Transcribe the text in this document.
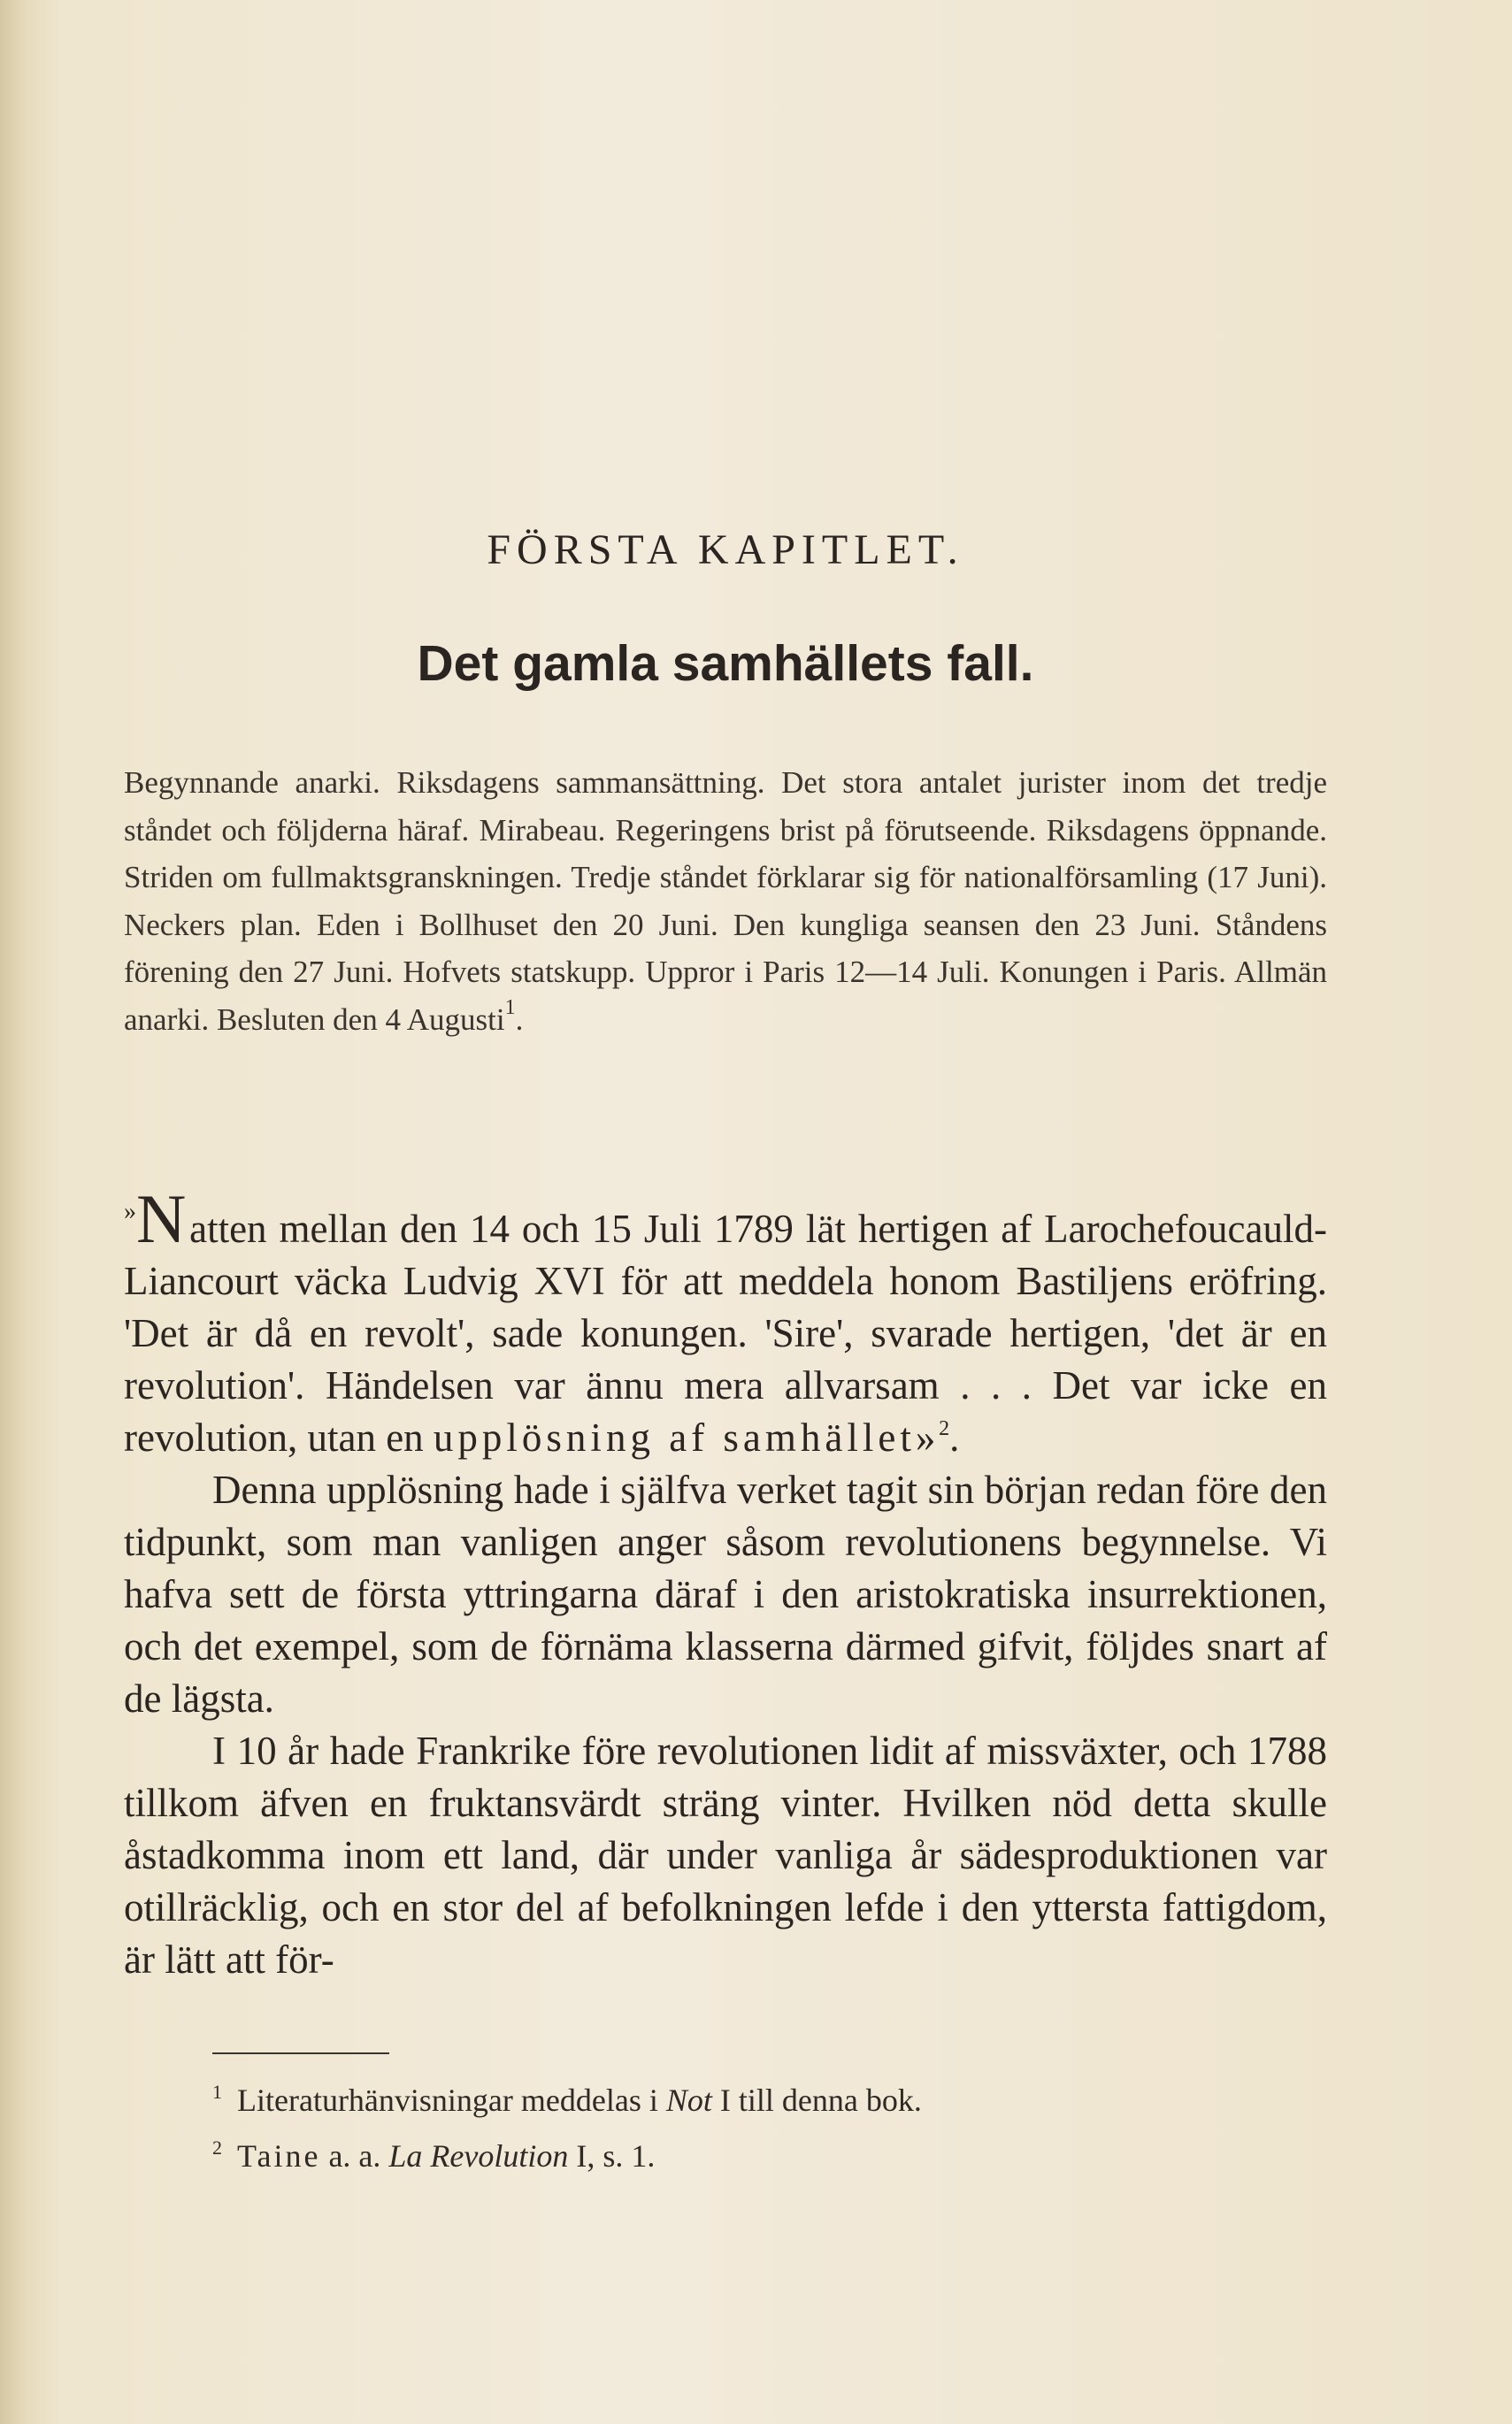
FÖRSTA KAPITLET.
Det gamla samhällets fall.
Begynnande anarki. Riksdagens sammansättning. Det stora antalet jurister inom det tredje ståndet och följderna häraf. Mirabeau. Regeringens brist på förutseende. Riksdagens öppnande. Striden om fullmaktsgranskningen. Tredje ståndet förklarar sig för nationalförsamling (17 Juni). Neckers plan. Eden i Bollhuset den 20 Juni. Den kungliga seansen den 23 Juni. Ståndens förening den 27 Juni. Hofvets statskupp. Uppror i Paris 12—14 Juli. Konungen i Paris. Allmän anarki. Besluten den 4 Augusti$^1$.

»N atten mellan den 14 och 15 Juli 1789 lät hertigen af Larochefoucauld-Liancourt väcka Ludvig XVI för att meddela honom Bastiljens eröfring. 'Det är då en revolt', sade konungen. 'Sire', svarade hertigen, 'det är en revolution'. Händelsen var ännu mera allvarsam . . . Det var icke en revolution, utan en upplösning af samhället»  $^2$.

Denna upplösning hade i själfva verket tagit sin början redan före den tidpunkt, som man vanligen anger såsom revolutionens begynnelse. Vi hafva sett de första yttringarna däraf i den aristokratiska insurrektionen, och det exempel, som de förnäma klasserna därmed gifvit, följdes snart af de lägsta.

I 10 år hade Frankrike före revolutionen lidit af missväxter, och 1788 tillkom äfven en fruktansvärdt sträng vinter. Hvilken nöd detta skulle åstadkomma inom ett land, där under vanliga år sädesproduktionen var otillräcklig, och en stor del af befolkningen lefde i den yttersta fattigdom, är lätt att för-

1 Literaturhänvisningar meddelas i Not I till denna bok.
2 Taine a. a. La Revolution I, s. 1.
